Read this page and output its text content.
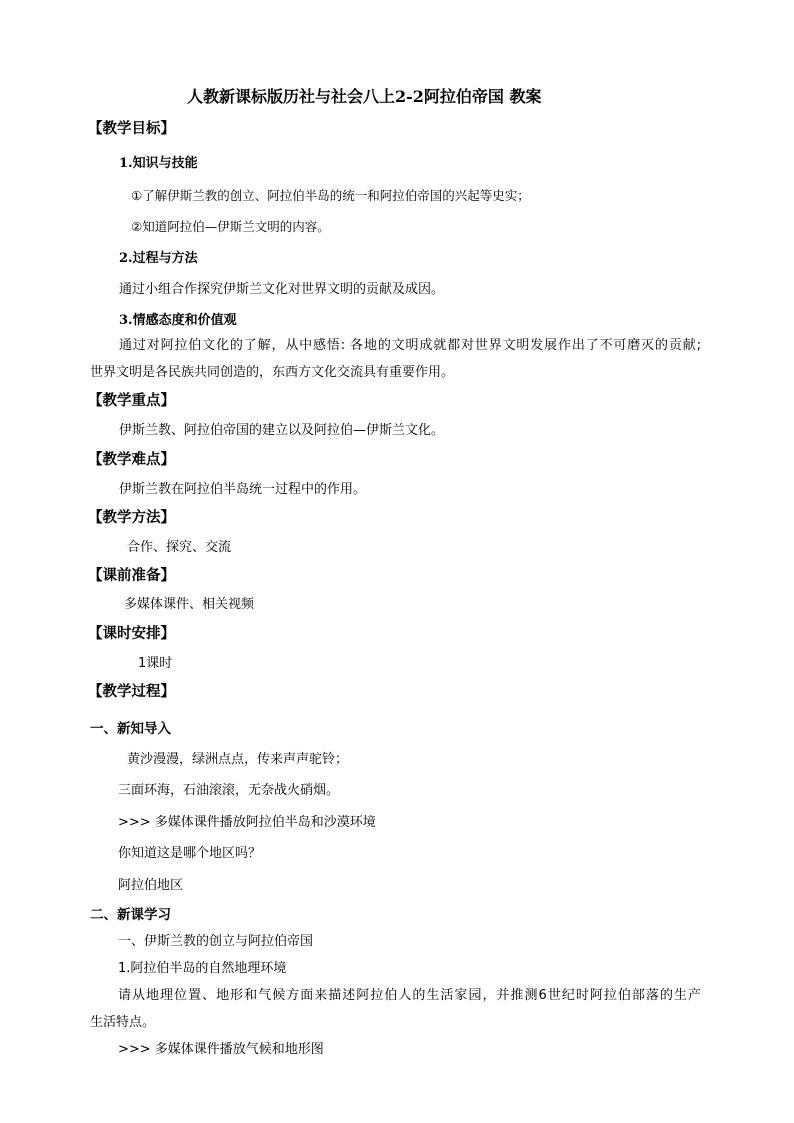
人教新课标版历社与社会八上2-2阿拉伯帝国 教案
【教学目标】
1.知识与技能
①了解伊斯兰教的创立、阿拉伯半岛的统一和阿拉伯帝国的兴起等史实；
②知道阿拉伯—伊斯兰文明的内容。
2.过程与方法
通过小组合作探究伊斯兰文化对世界文明的贡献及成因。
3.情感态度和价值观
通过对阿拉伯文化的了解，从中感悟: 各地的文明成就都对世界文明发展作出了不可磨灭的贡献;
世界文明是各民族共同创造的，东西方文化交流具有重要作用。
【教学重点】
伊斯兰教、阿拉伯帝国的建立以及阿拉伯—伊斯兰文化。
【教学难点】
伊斯兰教在阿拉伯半岛统一过程中的作用。
【教学方法】
合作、探究、交流
【课前准备】
多媒体课件、相关视频
【课时安排】
1课时
【教学过程】
一、新知导入
黄沙漫漫，绿洲点点，传来声声驼铃；
三面环海，石油滚滚，无奈战火硝烟。
>>> 多媒体课件播放阿拉伯半岛和沙漠环境
你知道这是哪个地区吗？
阿拉伯地区
二、新课学习
一、伊斯兰教的创立与阿拉伯帝国
1.阿拉伯半岛的自然地理环境
请从地理位置、地形和气候方面来描述阿拉伯人的生活家园，并推测6世纪时阿拉伯部落的生产
生活特点。
>>> 多媒体课件播放气候和地形图
